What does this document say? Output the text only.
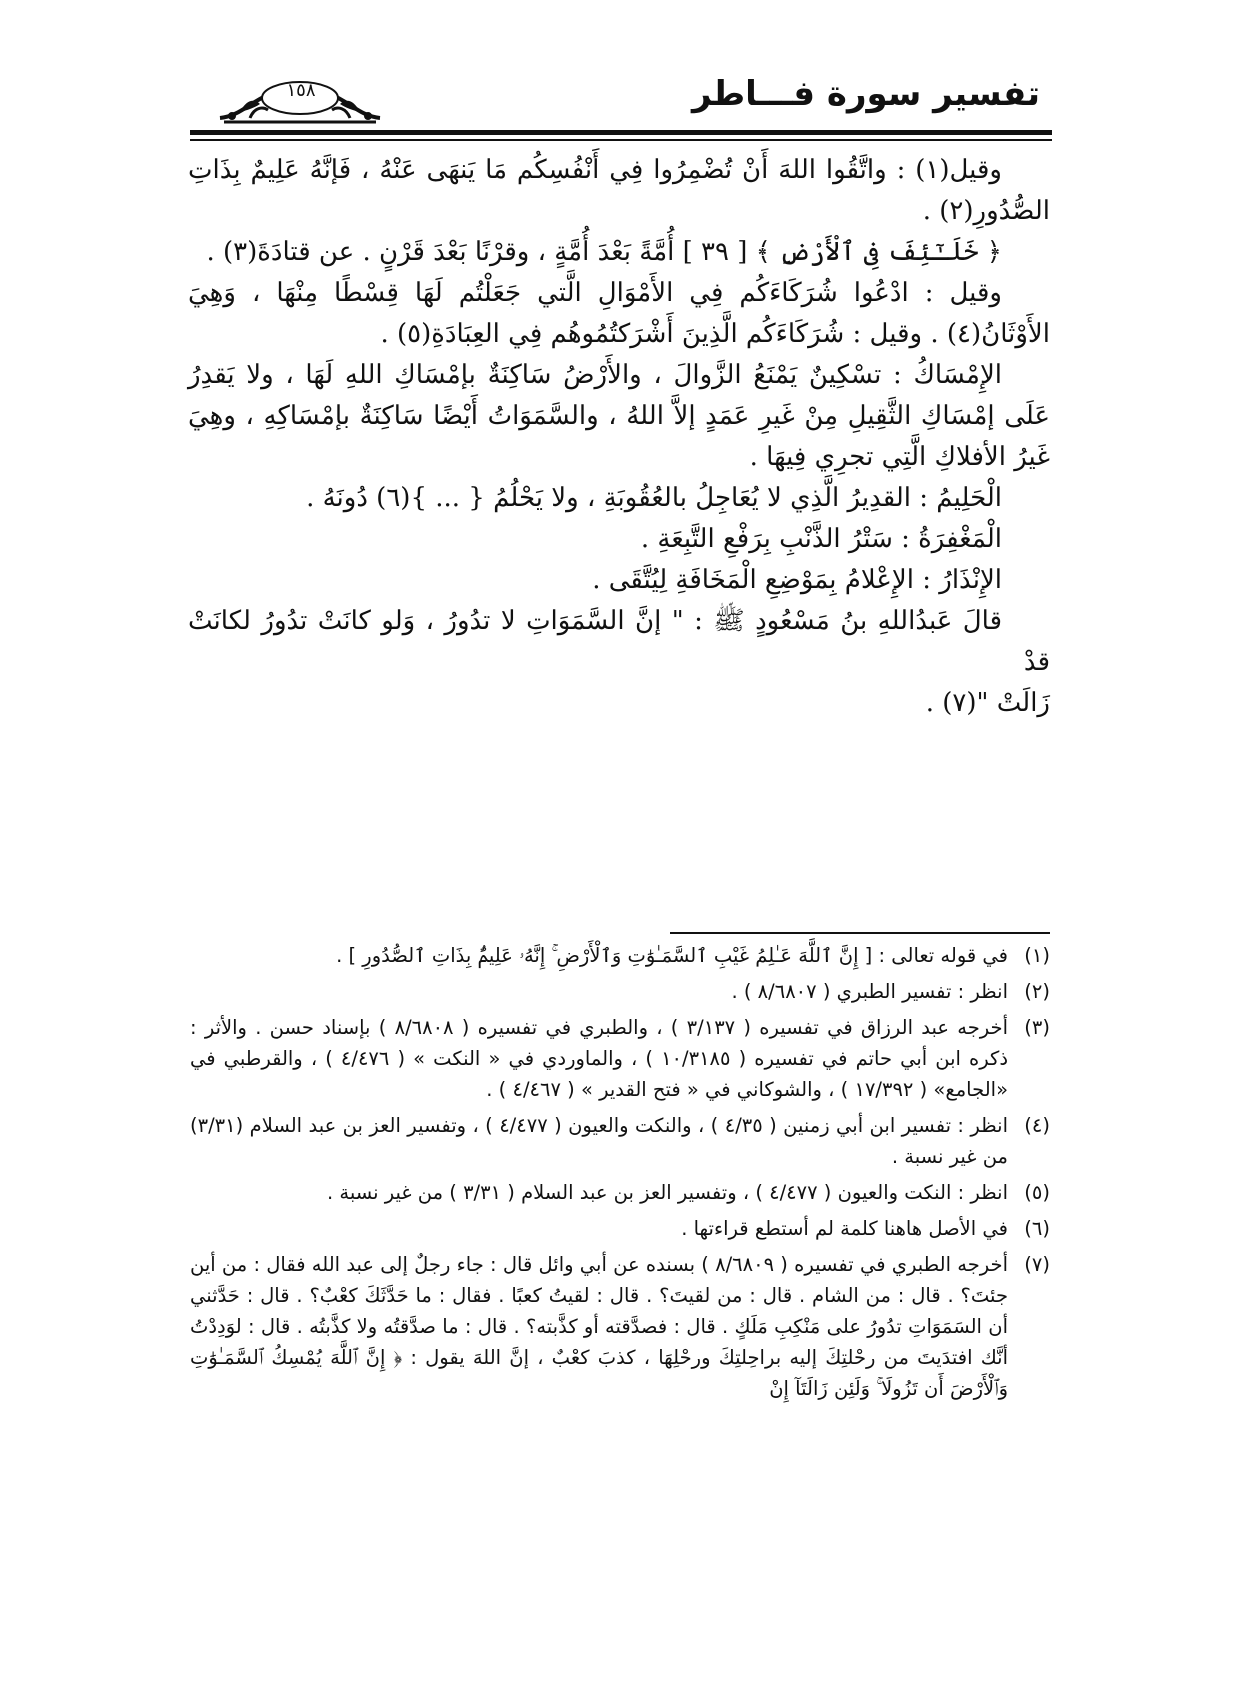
تفسير سورة فـــاطر
١٥٨

وقيل(١) : واتَّقُوا اللهَ أَنْ تُضْمِرُوا فِي أَنْفُسِكُم مَا يَنهَى عَنْهُ ، فَإنَّهُ عَلِيمٌ بِذَاتِ الصُّدُورِ(٢) .

﴿ خَلَـٰٓئِفَ فِى ٱلْأَرْضِ ﴾ [ ٣٩ ] أُمَّةً بَعْدَ أُمَّةٍ ، وقرْنًا بَعْدَ قَرْنٍ . عن قتادَةَ(٣) .

وقيل : ادْعُوا شُرَكَاءَكُم فِي الأَمْوَالِ الَّتي جَعَلْتُم لَهَا قِسْطًا مِنْهَا ، وَهِيَ الأَوْثَانُ(٤) . وقيل : شُرَكَاءَكُم الَّذِينَ أَشْرَكتُمُوهُم فِي العِبَادَةِ(٥) .

الإِمْسَاكُ : تسْكِينٌ يَمْنَعُ الزَّوالَ ، والأَرْضُ سَاكِنَةٌ بإمْسَاكِ اللهِ لَهَا ، ولا يَقدِرُ عَلَى إمْسَاكِ الثَّقِيلِ مِنْ غَيرِ عَمَدٍ إلاَّ اللهُ ، والسَّمَوَاتُ أَيْضًا سَاكِنَةٌ بإمْسَاكِهِ ، وهِيَ غَيرُ الأفلاكِ الَّتِي تجرِي فِيهَا .

الْحَلِيمُ : القدِيرُ الَّذِي لا يُعَاجِلُ بالعُقُوبَةِ ، ولا يَحْلُمُ { ... }(٦) دُونَهُ .

الْمَغْفِرَةُ : سَتْرُ الذَّنْبِ بِرَفْعِ التَّبِعَةِ .

الإِنْذَارُ : الإِعْلامُ بِمَوْضِعِ الْمَخَافَةِ لِيُتَّقَى .

قالَ عَبدُاللهِ بنُ مَسْعُودٍ ﷺ : " إنَّ السَّمَوَاتِ لا تدُورُ ، وَلو كانَتْ تدُورُ لكانَتْ قدْ

زَالَتْ "(٧) .

(١)
في قوله تعالى : [ إِنَّ ٱللَّهَ عَـٰلِمُ غَيْبِ ٱلسَّمَـٰوَٰتِ وَٱلْأَرْضِ ۚ إِنَّهُۥ عَلِيمٌۢ بِذَاتِ ٱلصُّدُورِ ] .

(٢)
انظر : تفسير الطبري ( ٨/٦٨٠٧ ) .

(٣)
أخرجه عبد الرزاق في تفسيره ( ٣/١٣٧ ) ، والطبري في تفسيره ( ٨/٦٨٠٨ ) بإسناد حسن . والأثر : ذكره ابن أبي حاتم في تفسيره ( ١٠/٣١٨٥ ) ، والماوردي في « النكت » ( ٤/٤٧٦ ) ، والقرطبي في «الجامع» ( ١٧/٣٩٢ ) ، والشوكاني في « فتح القدير » ( ٤/٤٦٧ ) .

(٤)
انظر : تفسير ابن أبي زمنين ( ٤/٣٥ ) ، والنكت والعيون ( ٤/٤٧٧ ) ، وتفسير العز بن عبد السلام (٣/٣١) من غير نسبة .

(٥)
انظر : النكت والعيون ( ٤/٤٧٧ ) ، وتفسير العز بن عبد السلام ( ٣/٣١ ) من غير نسبة .

(٦)
في الأصل هاهنا كلمة لم أستطع قراءتها .

(٧)
أخرجه الطبري في تفسيره ( ٨/٦٨٠٩ ) بسنده عن أبي وائل قال : جاء رجلٌ إلى عبد الله فقال : من أين جئتَ؟ . قال : من الشام . قال : من لقيتَ؟ . قال : لقيتُ كعبًا . فقال : ما حَدَّثَكَ كعْبٌ؟ . قال : حَدَّثني أن السَمَوَاتِ تدُورُ على مَنْكِبِ مَلَكٍ . قال : فصدَّقته أو كذَّبته؟ . قال : ما صدَّقتُه ولا كذَّبتُه . قال : لوَدِدْتُ أنَّك افتدَيتَ من رحْلتِكَ إليه براحِلتِكَ ورحْلِهَا ، كذبَ كعْبٌ ، إنَّ اللهَ يقول : ﴿ إِنَّ ٱللَّهَ يُمْسِكُ ٱلسَّمَـٰوَٰتِ وَٱلْأَرْضَ أَن تَزُولَا ۚ وَلَئِن زَالَتَآ إِنْ
